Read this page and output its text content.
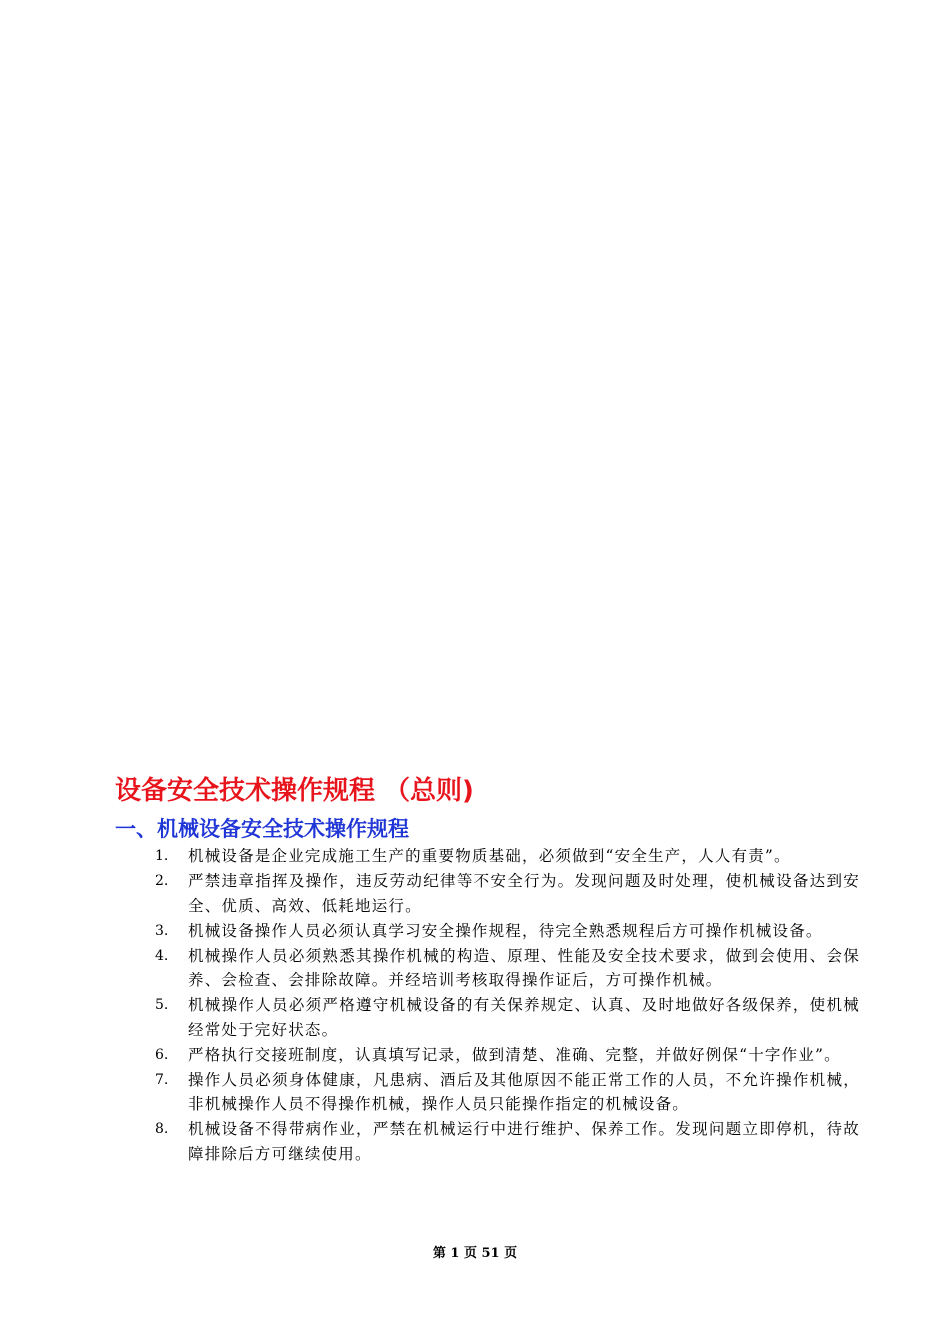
设备安全技术操作规程 （总则)
一、机械设备安全技术操作规程
1.	机械设备是企业完成施工生产的重要物质基础，必须做到“安全生产，人人有责”。
2.	严禁违章指挥及操作，违反劳动纪律等不安全行为。发现问题及时处理，使机械设备达到安全、优质、高效、低耗地运行。
3.	机械设备操作人员必须认真学习安全操作规程，待完全熟悉规程后方可操作机械设备。
4.	机械操作人员必须熟悉其操作机械的构造、原理、性能及安全技术要求，做到会使用、会保养、会检查、会排除故障。并经培训考核取得操作证后，方可操作机械。
5.	机械操作人员必须严格遵守机械设备的有关保养规定、认真、及时地做好各级保养，使机械经常处于完好状态。
6.	严格执行交接班制度，认真填写记录，做到清楚、准确、完整，并做好例保“十字作业”。
7.	操作人员必须身体健康，凡患病、酒后及其他原因不能正常工作的人员，不允许操作机械，非机械操作人员不得操作机械，操作人员只能操作指定的机械设备。
8.	机械设备不得带病作业，严禁在机械运行中进行维护、保养工作。发现问题立即停机，待故障排除后方可继续使用。
第 1 页 51 页
